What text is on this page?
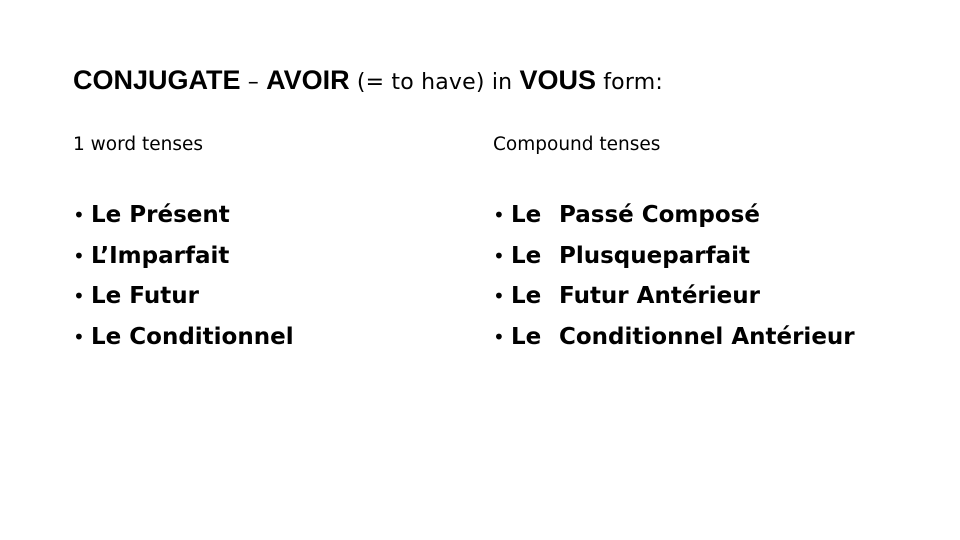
CONJUGATE – AVOIR (= to have) in VOUS form:
1 word tenses	Compound tenses
• Le Présent
• L’Imparfait
• Le Futur
• Le Conditionnel
• Le Passé Composé
• Le Plusqueparfait
• Le Futur Antérieur
• Le Conditionnel Antérieur
